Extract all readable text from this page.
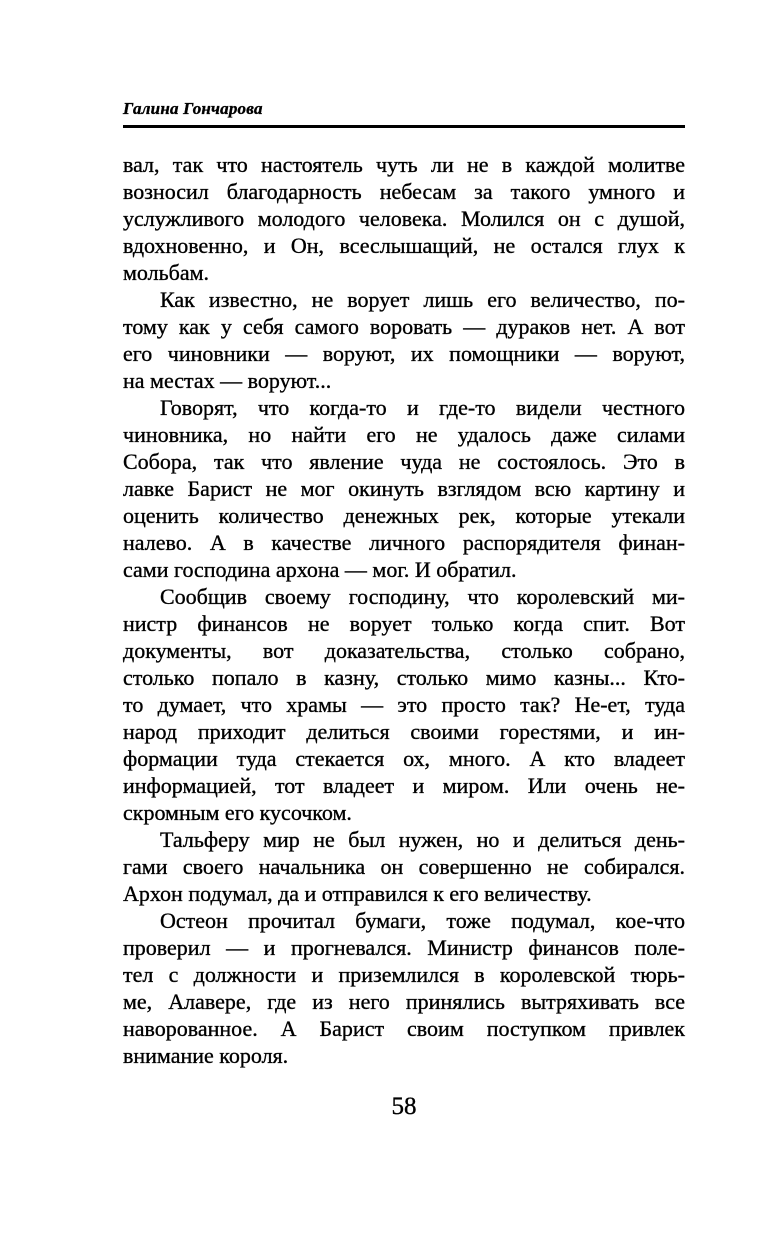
Галина Гончарова
вал, так что настоятель чуть ли не в каждой молитве
возносил благодарность небесам за такого умного и
услужливого молодого человека. Молился он с душой,
вдохновенно, и Он, всеслышащий, не остался глух к
мольбам.
Как известно, не ворует лишь его величество, по-
тому как у себя самого воровать — дураков нет. А вот
его чиновники — воруют, их помощники — воруют,
на местах — воруют...
Говорят, что когда-то и где-то видели честного
чиновника, но найти его не удалось даже силами
Собора, так что явление чуда не состоялось. Это в
лавке Барист не мог окинуть взглядом всю картину и
оценить количество денежных рек, которые утекали
налево. А в качестве личного распорядителя финан-
сами господина архона — мог. И обратил.
Сообщив своему господину, что королевский ми-
нистр финансов не ворует только когда спит. Вот
документы, вот доказательства, столько собрано,
столько попало в казну, столько мимо казны... Кто-
то думает, что храмы — это просто так? Не-ет, туда
народ приходит делиться своими горестями, и ин-
формации туда стекается ох, много. А кто владеет
информацией, тот владеет и миром. Или очень не-
скромным его кусочком.
Тальферу мир не был нужен, но и делиться день-
гами своего начальника он совершенно не собирался.
Архон подумал, да и отправился к его величеству.
Остеон прочитал бумаги, тоже подумал, кое-что
проверил — и прогневался. Министр финансов поле-
тел с должности и приземлился в королевской тюрь-
ме, Алавере, где из него принялись вытряхивать все
наворованное. А Барист своим поступком привлек
внимание короля.
58
